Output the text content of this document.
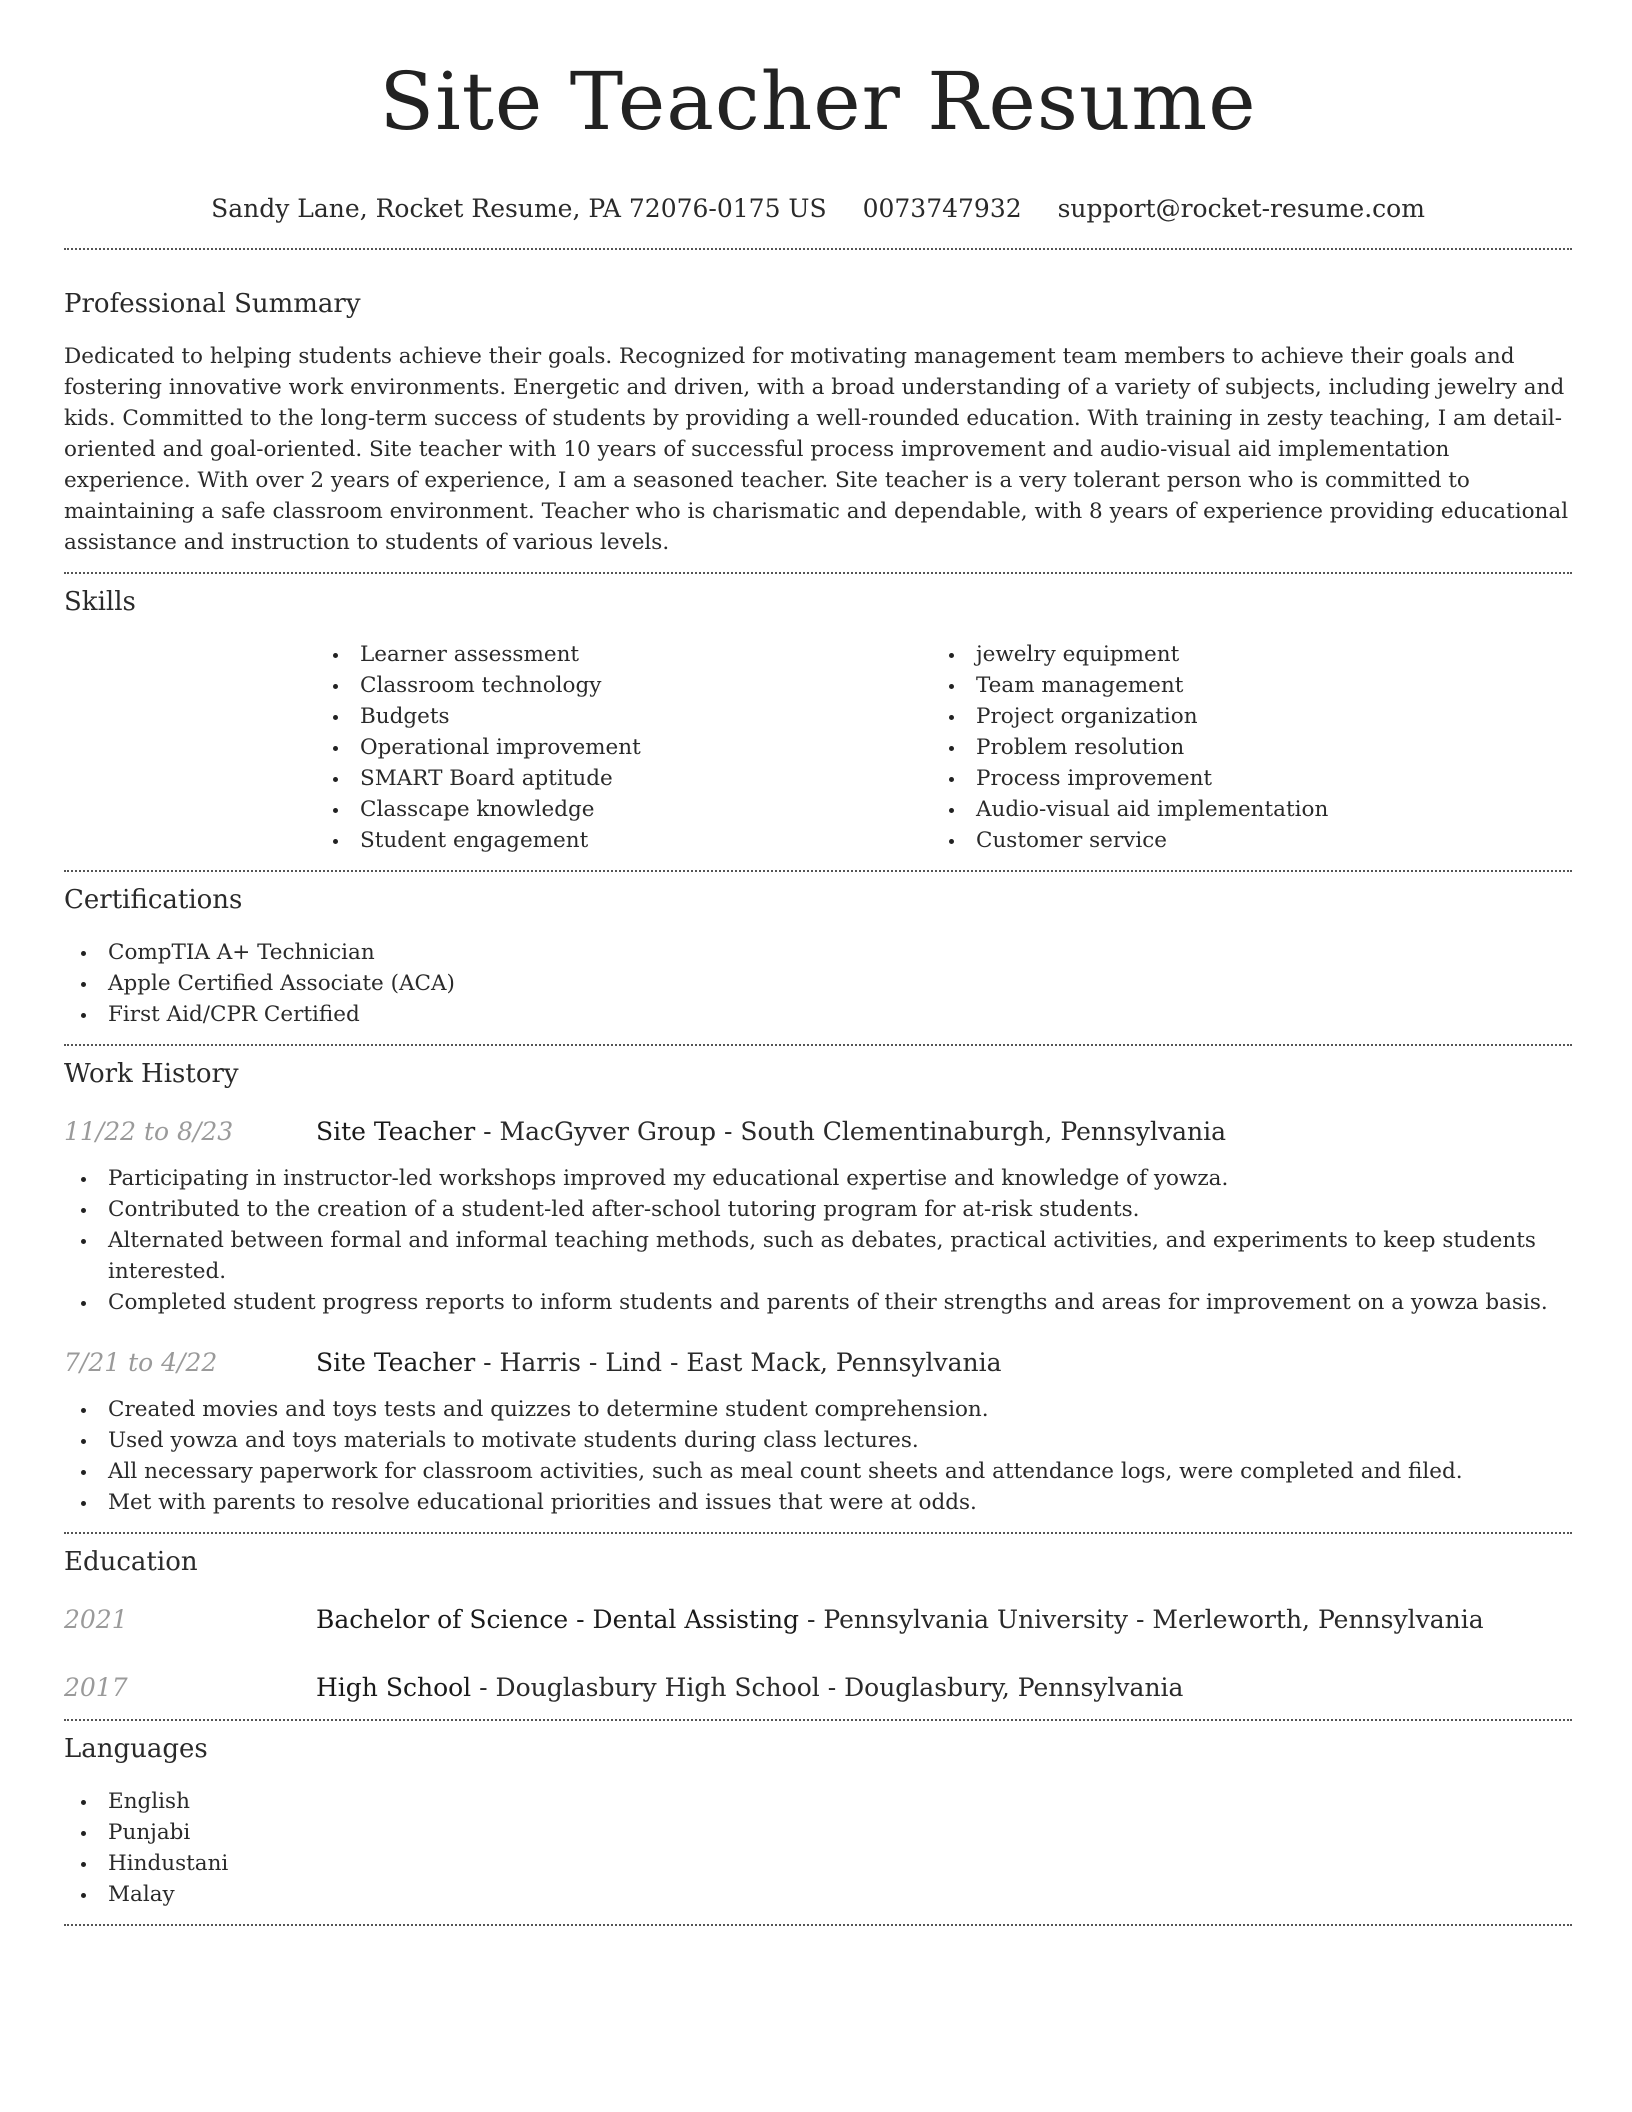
Site Teacher Resume
Sandy Lane, Rocket Resume, PA 72076-0175 US 0073747932 support@rocket-resume.com
Professional Summary

Dedicated to helping students achieve their goals. Recognized for motivating management team members to achieve their goals and fostering innovative work environments. Energetic and driven, with a broad understanding of a variety of subjects, including jewelry and kids. Committed to the long-term success of students by providing a well-rounded education. With training in zesty teaching, I am detail-oriented and goal-oriented. Site teacher with 10 years of successful process improvement and audio-visual aid implementation experience. With over 2 years of experience, I am a seasoned teacher. Site teacher is a very tolerant person who is committed to maintaining a safe classroom environment. Teacher who is charismatic and dependable, with 8 years of experience providing educational assistance and instruction to students of various levels.

Skills
Learner assessment
Classroom technology
Budgets
Operational improvement
SMART Board aptitude
Classcape knowledge
Student engagement
jewelry equipment
Team management
Project organization
Problem resolution
Process improvement
Audio-visual aid implementation
Customer service
Certifications
CompTIA A+ Technician
Apple Certified Associate (ACA)
First Aid/CPR Certified
Work History
11/22 to 8/23	Site Teacher - MacGyver Group - South Clementinaburgh, Pennsylvania
Participating in instructor-led workshops improved my educational expertise and knowledge of yowza.
Contributed to the creation of a student-led after-school tutoring program for at-risk students.
Alternated between formal and informal teaching methods, such as debates, practical activities, and experiments to keep students interested.
Completed student progress reports to inform students and parents of their strengths and areas for improvement on a yowza basis.
7/21 to 4/22	Site Teacher - Harris - Lind - East Mack, Pennsylvania
Created movies and toys tests and quizzes to determine student comprehension.
Used yowza and toys materials to motivate students during class lectures.
All necessary paperwork for classroom activities, such as meal count sheets and attendance logs, were completed and filed.
Met with parents to resolve educational priorities and issues that were at odds.
Education
2021	Bachelor of Science - Dental Assisting - Pennsylvania University - Merleworth, Pennsylvania
2017	High School - Douglasbury High School - Douglasbury, Pennsylvania
Languages
English
Punjabi
Hindustani
Malay
